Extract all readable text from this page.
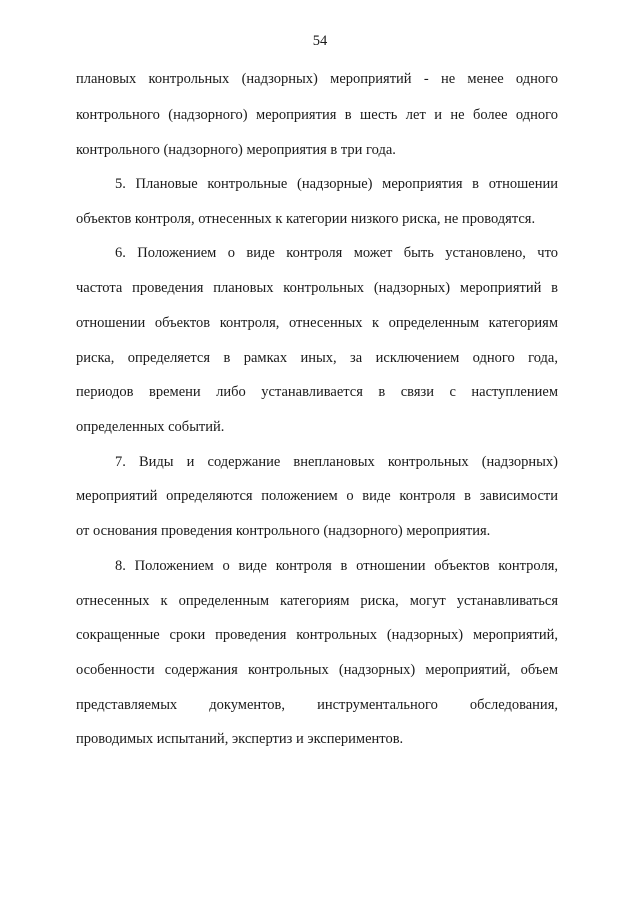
54
плановых контрольных (надзорных) мероприятий - не менее одного
контрольного (надзорного) мероприятия в шесть лет и не более одного
контрольного (надзорного) мероприятия в три года.
5. Плановые контрольные (надзорные) мероприятия в отношении
объектов контроля, отнесенных к категории низкого риска, не проводятся.
6. Положением о виде контроля может быть установлено, что
частота проведения плановых контрольных (надзорных) мероприятий в
отношении объектов контроля, отнесенных к определенным категориям
риска, определяется в рамках иных, за исключением одного года,
периодов времени либо устанавливается в связи с наступлением
определенных событий.
7. Виды и содержание внеплановых контрольных (надзорных)
мероприятий определяются положением о виде контроля в зависимости
от основания проведения контрольного (надзорного) мероприятия.
8. Положением о виде контроля в отношении объектов контроля,
отнесенных к определенным категориям риска, могут устанавливаться
сокращенные сроки проведения контрольных (надзорных) мероприятий,
особенности содержания контрольных (надзорных) мероприятий, объем
представляемых документов, инструментального обследования,
проводимых испытаний, экспертиз и экспериментов.
